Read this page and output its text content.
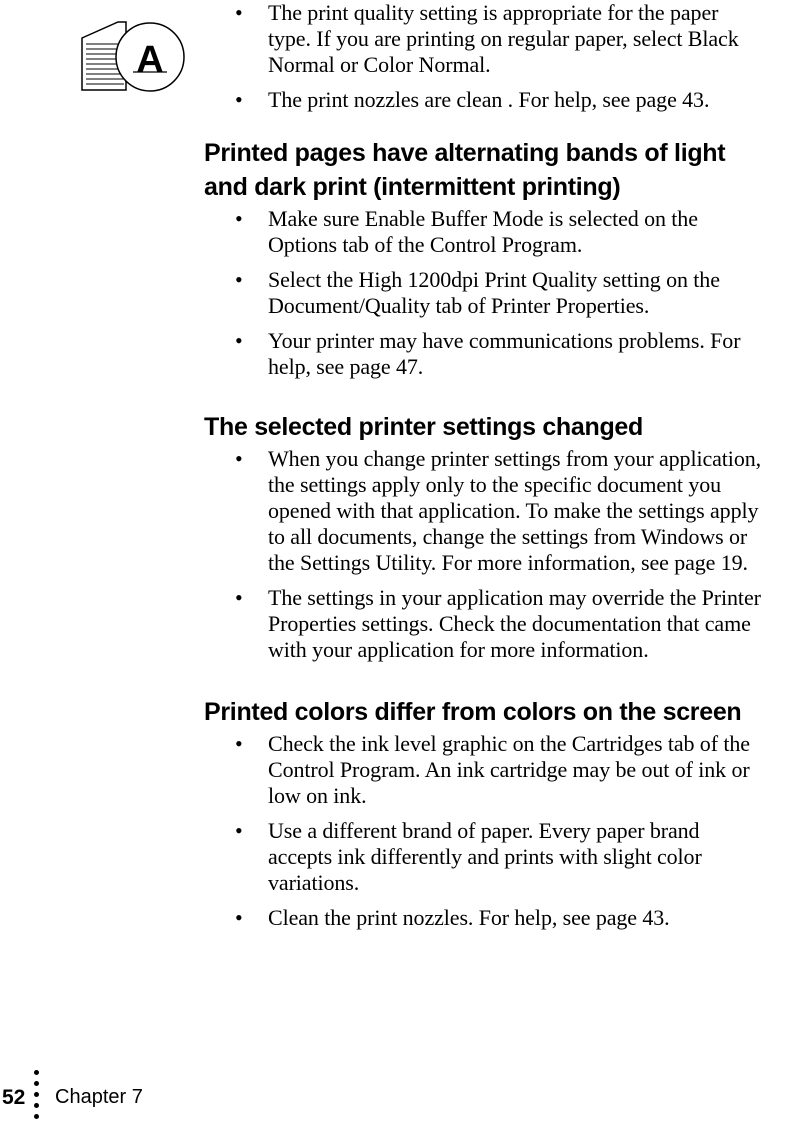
A
• The print quality setting is appropriate for the paper
type. If you are printing on regular paper, select Black
Normal or Color Normal.
• The print nozzles are clean . For help, see page 43.
Printed pages have alternating bands of light
and dark print (intermittent printing)
• Make sure Enable Buffer Mode is selected on the
Options tab of the Control Program.
• Select the High 1200dpi Print Quality setting on the
Document/Quality tab of Printer Properties.
• Your printer may have communications problems. For
help, see page 47.
The selected printer settings changed
• When you change printer settings from your application,
the settings apply only to the specific document you
opened with that application. To make the settings apply
to all documents, change the settings from Windows or
the Settings Utility. For more information, see page 19.
• The settings in your application may override the Printer
Properties settings. Check the documentation that came
with your application for more information.
Printed colors differ from colors on the screen
• Check the ink level graphic on the Cartridges tab of the
Control Program. An ink cartridge may be out of ink or
low on ink.
• Use a different brand of paper. Every paper brand
accepts ink differently and prints with slight color
variations.
• Clean the print nozzles. For help, see page 43.
52 Chapter 7
